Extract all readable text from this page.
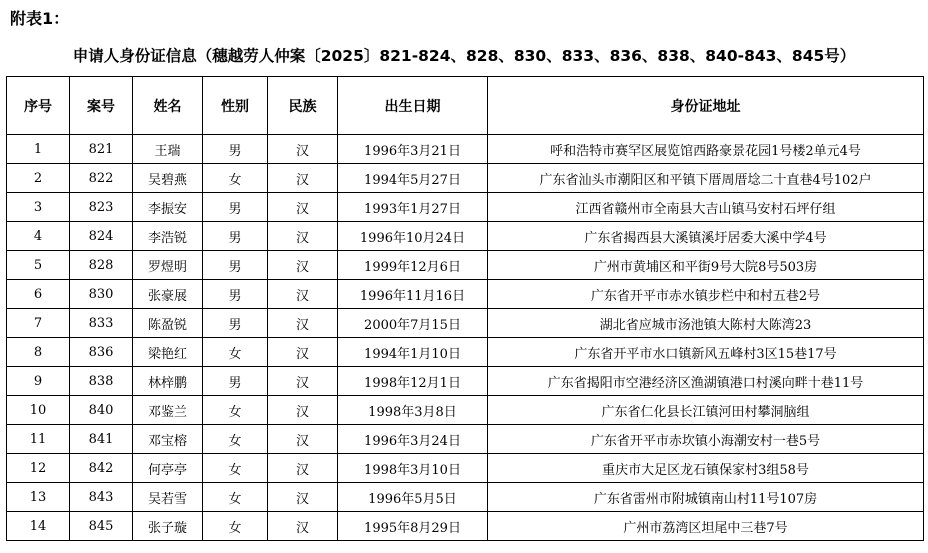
附表1：
申请人身份证信息（穗越劳人仲案〔2025〕821-824、828、830、833、836、838、840-843、845号）
序号	案号	姓名	性别	民族	出生日期	身份证地址
1	821	王瑞	男	汉	1996年3月21日	呼和浩特市赛罕区展览馆西路豪景花园1号楼2单元4号
2	822	吴碧燕	女	汉	1994年5月27日	广东省汕头市潮阳区和平镇下厝周厝埝二十直巷4号102户
3	823	李振安	男	汉	1993年1月27日	江西省赣州市全南县大吉山镇马安村石坪仔组
4	824	李浩锐	男	汉	1996年10月24日	广东省揭西县大溪镇溪圩居委大溪中学4号
5	828	罗煜明	男	汉	1999年12月6日	广州市黄埔区和平街9号大院8号503房
6	830	张豪展	男	汉	1996年11月16日	广东省开平市赤水镇步栏中和村五巷2号
7	833	陈盈锐	男	汉	2000年7月15日	湖北省应城市汤池镇大陈村大陈湾23
8	836	梁艳红	女	汉	1994年1月10日	广东省开平市水口镇新风五峰村3区15巷17号
9	838	林梓鹏	男	汉	1998年12月1日	广东省揭阳市空港经济区渔湖镇港口村溪向畔十巷11号
10	840	邓鉴兰	女	汉	1998年3月8日	广东省仁化县长江镇河田村攀洞脑组
11	841	邓宝榕	女	汉	1996年3月24日	广东省开平市赤坎镇小海潮安村一巷5号
12	842	何亭亭	女	汉	1998年3月10日	重庆市大足区龙石镇保家村3组58号
13	843	吴若雪	女	汉	1996年5月5日	广东省雷州市附城镇南山村11号107房
14	845	张子璇	女	汉	1995年8月29日	广州市荔湾区坦尾中三巷7号
